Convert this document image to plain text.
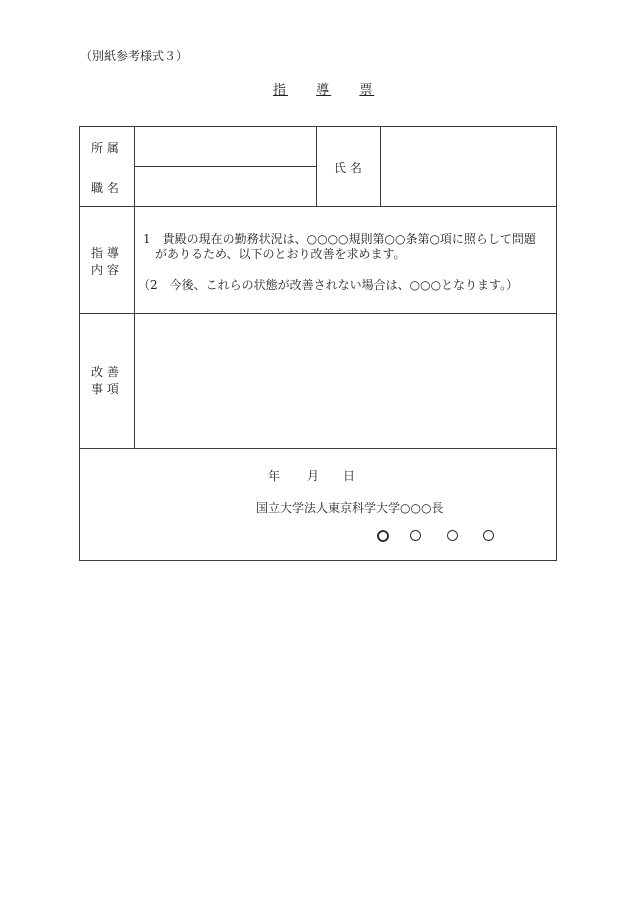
（別紙参考様式３）
指 導 票
所 属
職 名
氏 名
指 導
内 容
1　貴殿の現在の勤務状況は、○○○○規則第○○条第○項に照らして問題
がありるため、以下のとおり改善を求めます。
（2　今後、これらの状態が改善されない場合は、○○○となります。）
改 善
事 項
年 月 日
国立大学法人東京科学大学○○○長
